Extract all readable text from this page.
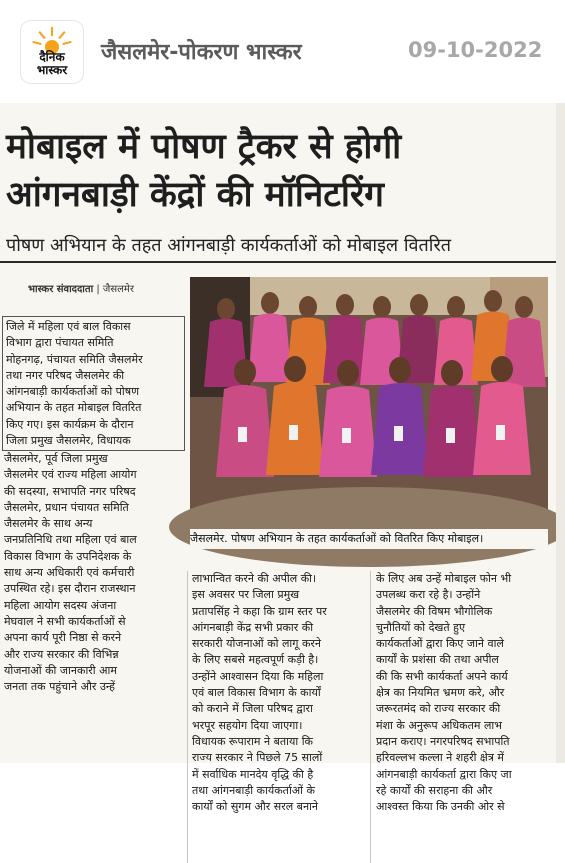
दैनिक
भास्कर
जैसलमेर-पोकरण भास्कर	09-10-2022
मोबाइल में पोषण ट्रैकर से होगी
आंगनबाड़ी केंद्रों की मॉनिटरिंग
पोषण अभियान के तहत आंगनबाड़ी कार्यकर्ताओं को मोबाइल वितरित
भास्कर संवाददाता | जैसलमेर
जैसलमेर. पोषण अभियान के तहत कार्यकर्ताओं को वितरित किए मोबाइल।
जिले में महिला एवं बाल विकास
विभाग द्वारा पंचायत समिति
मोहनगढ़, पंचायत समिति जैसलमेर
तथा नगर परिषद जैसलमेर की
आंगनबाड़ी कार्यकर्ताओं को पोषण
अभियान के तहत मोबाइल वितरित
किए गए। इस कार्यक्रम के दौरान
जिला प्रमुख जैसलमेर, विधायक
जैसलमेर, पूर्व जिला प्रमुख
जैसलमेर एवं राज्य महिला आयोग
की सदस्या, सभापति नगर परिषद
जैसलमेर, प्रधान पंचायत समिति
जैसलमेर के साथ अन्य
जनप्रतिनिधि तथा महिला एवं बाल
विकास विभाग के उपनिदेशक के
साथ अन्य अधिकारी एवं कर्मचारी
उपस्थित रहे। इस दौरान राजस्थान
महिला आयोग सदस्य अंजना
मेघवाल ने सभी कार्यकर्ताओं से
अपना कार्य पूरी निष्ठा से करने
और राज्य सरकार की विभिन्न
योजनाओं की जानकारी आम
जनता तक पहुंचाने और उन्हें
लाभान्वित करने की अपील की।
इस अवसर पर जिला प्रमुख
प्रतापसिंह ने कहा कि ग्राम स्तर पर
आंगनबाड़ी केंद्र सभी प्रकार की
सरकारी योजनाओं को लागू करने
के लिए सबसे महत्वपूर्ण कड़ी है।
उन्होंने आश्वासन दिया कि महिला
एवं बाल विकास विभाग के कार्यों
को कराने में जिला परिषद द्वारा
भरपूर सहयोग दिया जाएगा।
विधायक रूपाराम ने बताया कि
राज्य सरकार ने पिछले 75 सालों
में सर्वाधिक मानदेय वृद्धि की है
तथा आंगनबाड़ी कार्यकर्ताओं के
कार्यों को सुगम और सरल बनाने
के लिए अब उन्हें मोबाइल फोन भी
उपलब्ध करा रहे है। उन्होंने
जैसलमेर की विषम भौगोलिक
चुनौतियों को देखते हुए
कार्यकर्ताओं द्वारा किए जाने वाले
कार्यों के प्रशंसा की तथा अपील
की कि सभी कार्यकर्ता अपने कार्य
क्षेत्र का नियमित भ्रमण करे, और
जरूरतमंद को राज्य सरकार की
मंशा के अनुरूप अधिकतम लाभ
प्रदान कराए। नगरपरिषद सभापति
हरिवल्लभ कल्ला ने शहरी क्षेत्र में
आंगनबाड़ी कार्यकर्ता द्वारा किए जा
रहे कार्यों की सराहना की और
आश्वस्त किया कि उनकी ओर से
